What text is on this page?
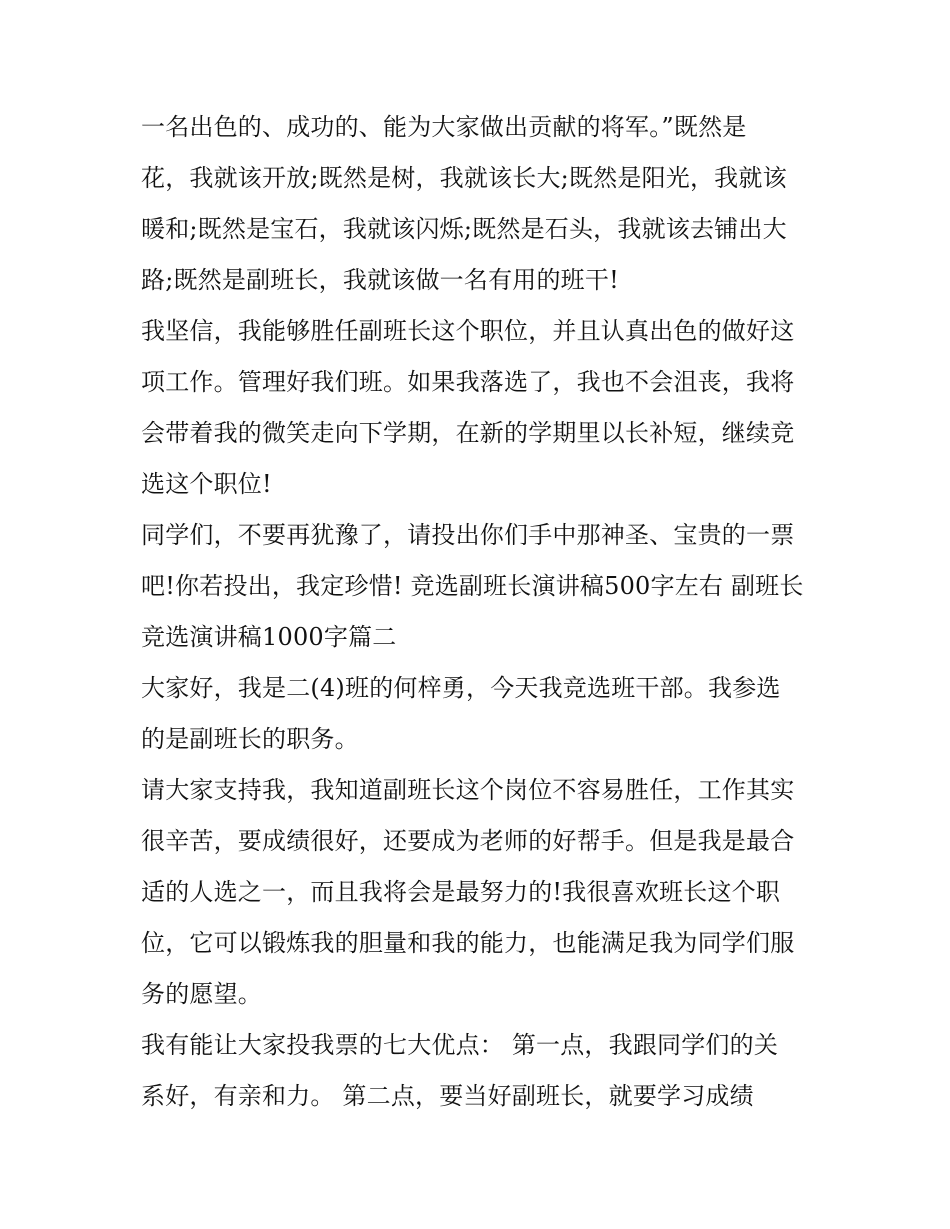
一名出色的、成功的、能为大家做出贡献的将军。”既然是
花，我就该开放;既然是树，我就该长大;既然是阳光，我就该
暖和;既然是宝石，我就该闪烁;既然是石头，我就该去铺出大
路;既然是副班长，我就该做一名有用的班干!
我坚信，我能够胜任副班长这个职位，并且认真出色的做好这
项工作。管理好我们班。如果我落选了，我也不会沮丧，我将
会带着我的微笑走向下学期，在新的学期里以长补短，继续竞
选这个职位!
同学们，不要再犹豫了，请投出你们手中那神圣、宝贵的一票
吧!你若投出，我定珍惜! 竞选副班长演讲稿500字左右 副班长
竞选演讲稿1000字篇二
大家好，我是二(4)班的何梓勇，今天我竞选班干部。我参选
的是副班长的职务。
请大家支持我，我知道副班长这个岗位不容易胜任，工作其实
很辛苦，要成绩很好，还要成为老师的好帮手。但是我是最合
适的人选之一，而且我将会是最努力的!我很喜欢班长这个职
位，它可以锻炼我的胆量和我的能力，也能满足我为同学们服
务的愿望。
我有能让大家投我票的七大优点： 第一点，我跟同学们的关
系好，有亲和力。 第二点，要当好副班长，就要学习成绩
